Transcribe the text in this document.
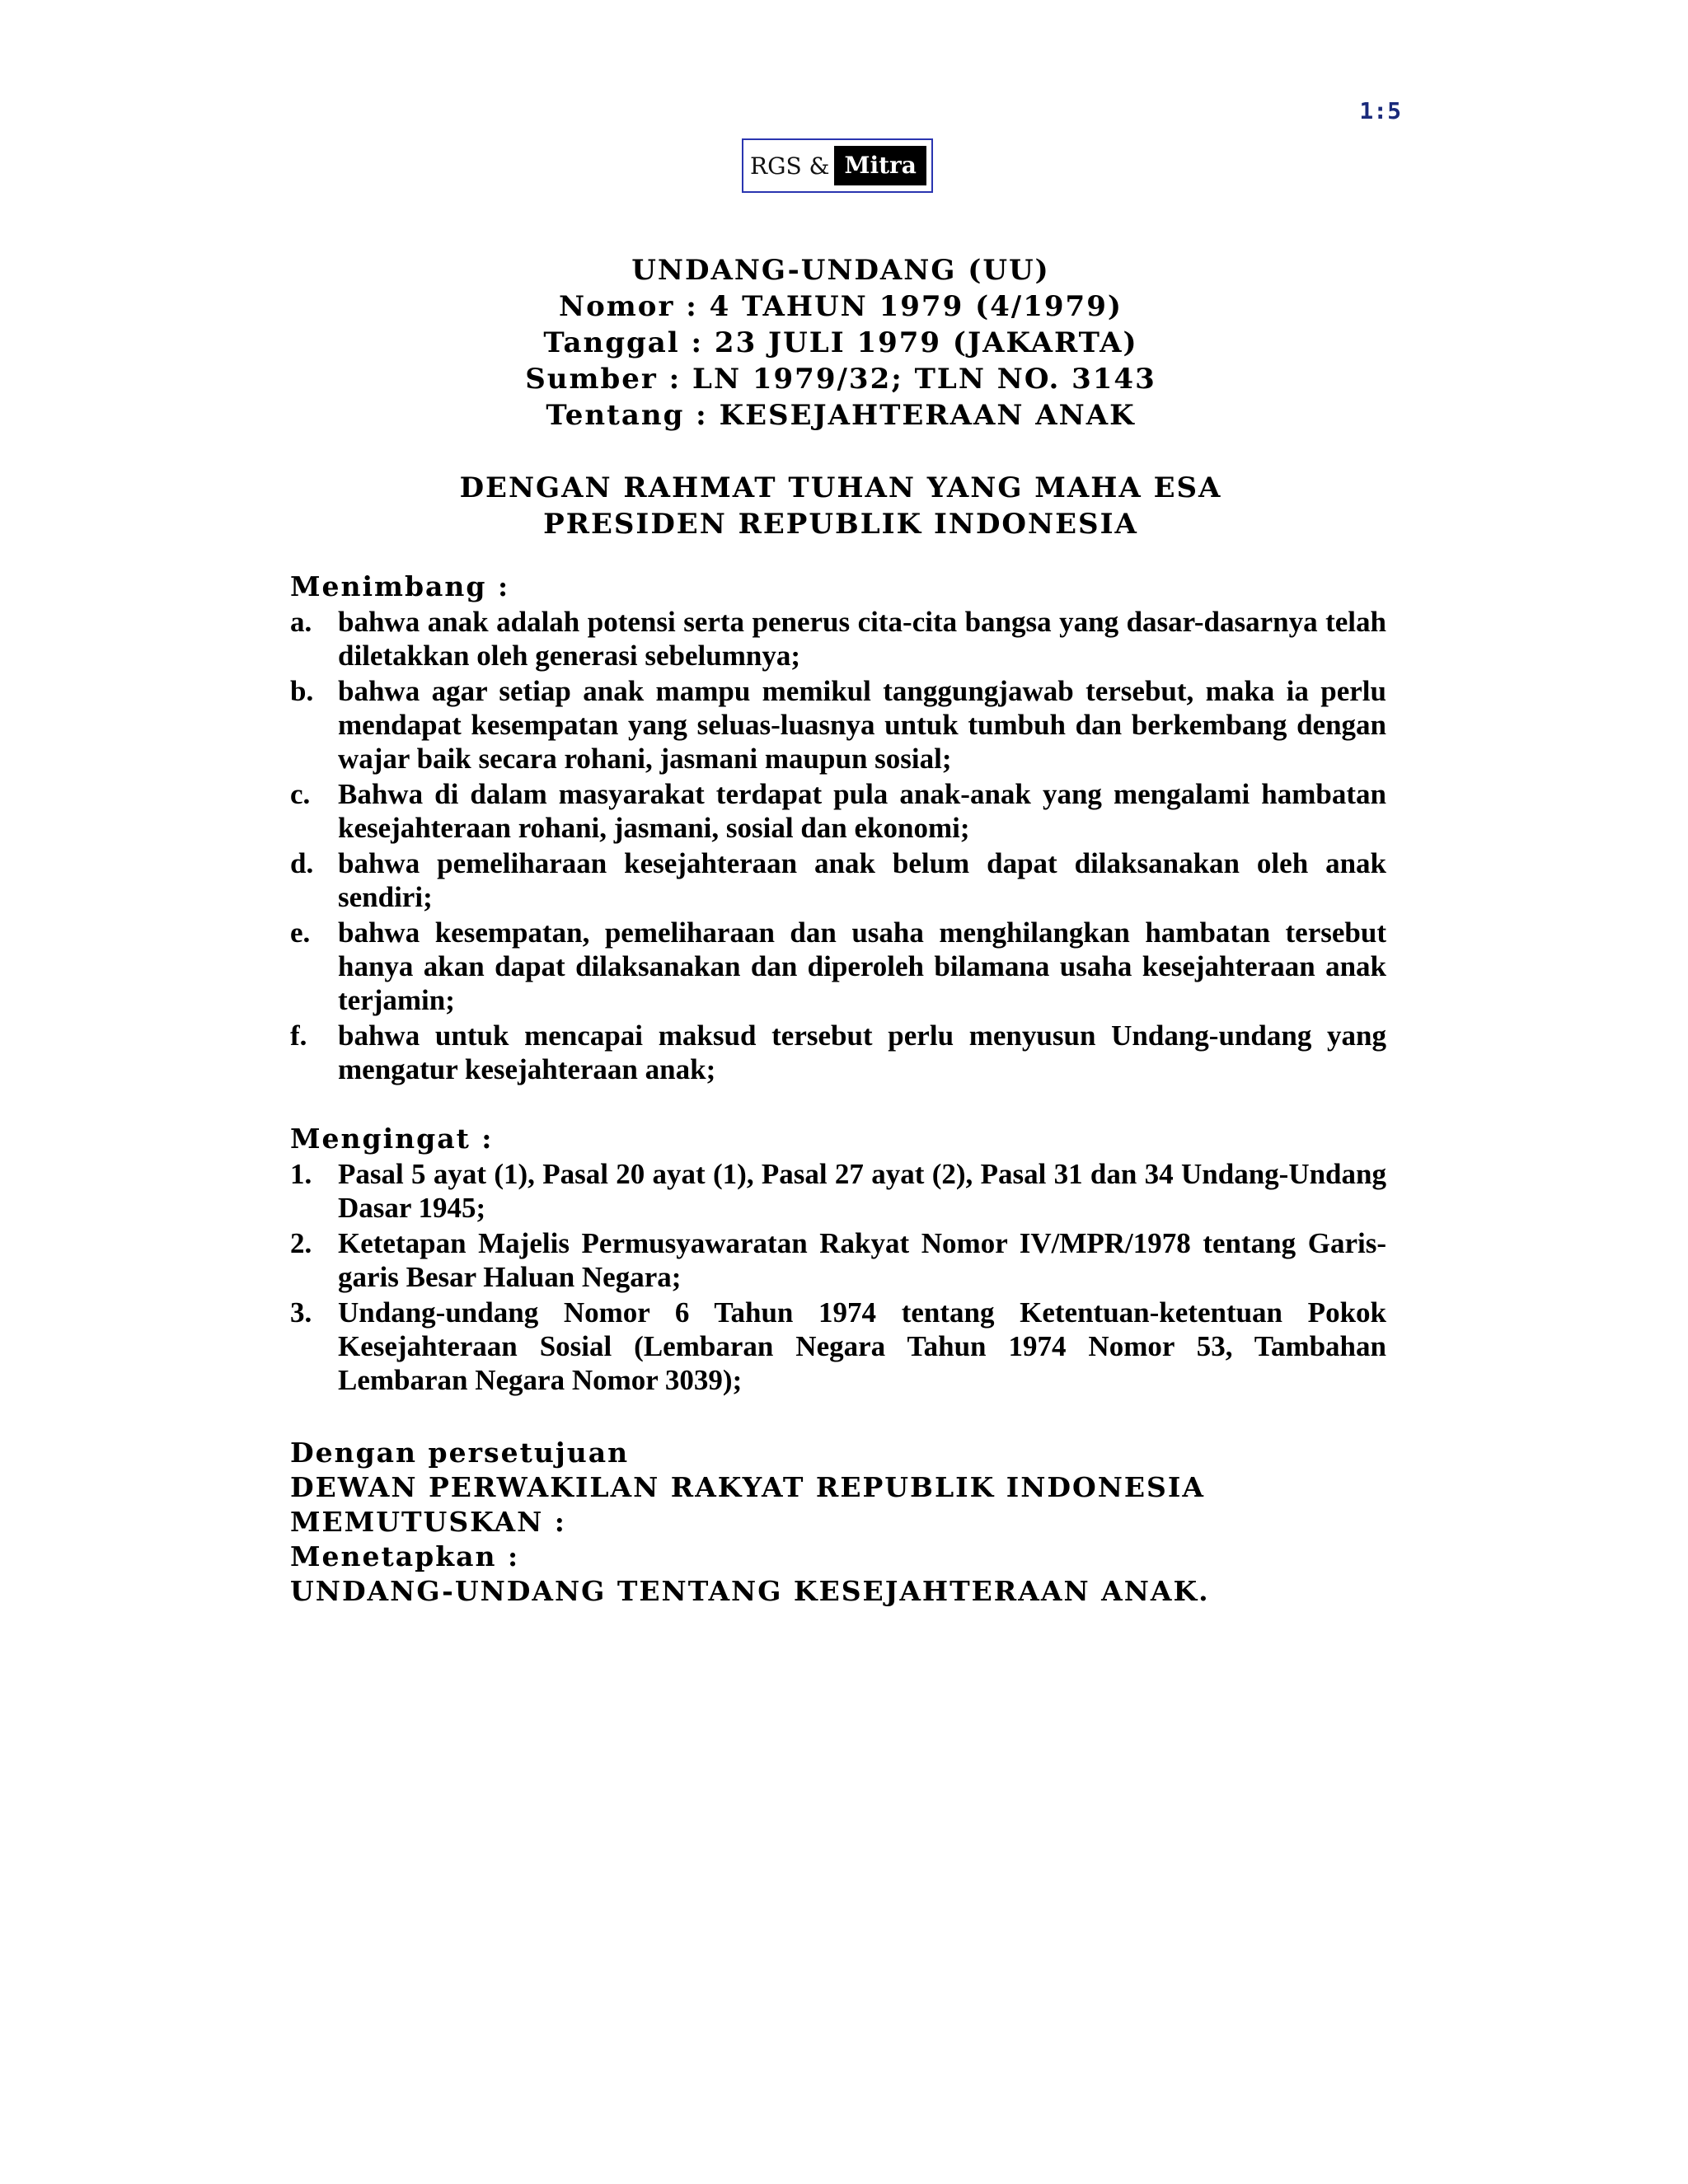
1:5
RGS & Mitra
UNDANG-UNDANG (UU)
Nomor : 4 TAHUN 1979 (4/1979)
Tanggal : 23 JULI 1979 (JAKARTA)
Sumber : LN 1979/32; TLN NO. 3143
Tentang : KESEJAHTERAAN ANAK
DENGAN RAHMAT TUHAN YANG MAHA ESA
PRESIDEN REPUBLIK INDONESIA
Menimbang :
a. bahwa anak adalah potensi serta penerus cita-cita bangsa yang dasar-dasarnya telah diletakkan oleh generasi sebelumnya;
b. bahwa agar setiap anak mampu memikul tanggungjawab tersebut, maka ia perlu mendapat kesempatan yang seluas-luasnya untuk tumbuh dan berkembang dengan wajar baik secara rohani, jasmani maupun sosial;
c. Bahwa di dalam masyarakat terdapat pula anak-anak yang mengalami hambatan kesejahteraan rohani, jasmani, sosial dan ekonomi;
d. bahwa pemeliharaan kesejahteraan anak belum dapat dilaksanakan oleh anak sendiri;
e. bahwa kesempatan, pemeliharaan dan usaha menghilangkan hambatan tersebut hanya akan dapat dilaksanakan dan diperoleh bilamana usaha kesejahteraan anak terjamin;
f.	bahwa untuk mencapai maksud tersebut perlu menyusun Undang-undang yang mengatur kesejahteraan anak;
Mengingat :
1. Pasal 5 ayat (1), Pasal 20 ayat (1), Pasal 27 ayat (2), Pasal 31 dan 34 Undang-Undang Dasar 1945;
2. Ketetapan Majelis Permusyawaratan Rakyat Nomor IV/MPR/1978 tentang Garis-garis Besar Haluan Negara;
3. Undang-undang Nomor 6 Tahun 1974 tentang Ketentuan-ketentuan Pokok Kesejahteraan Sosial (Lembaran Negara Tahun 1974 Nomor 53, Tambahan Lembaran Negara Nomor 3039);
Dengan persetujuan
DEWAN PERWAKILAN RAKYAT REPUBLIK INDONESIA
MEMUTUSKAN :
Menetapkan :
UNDANG-UNDANG TENTANG KESEJAHTERAAN ANAK.
